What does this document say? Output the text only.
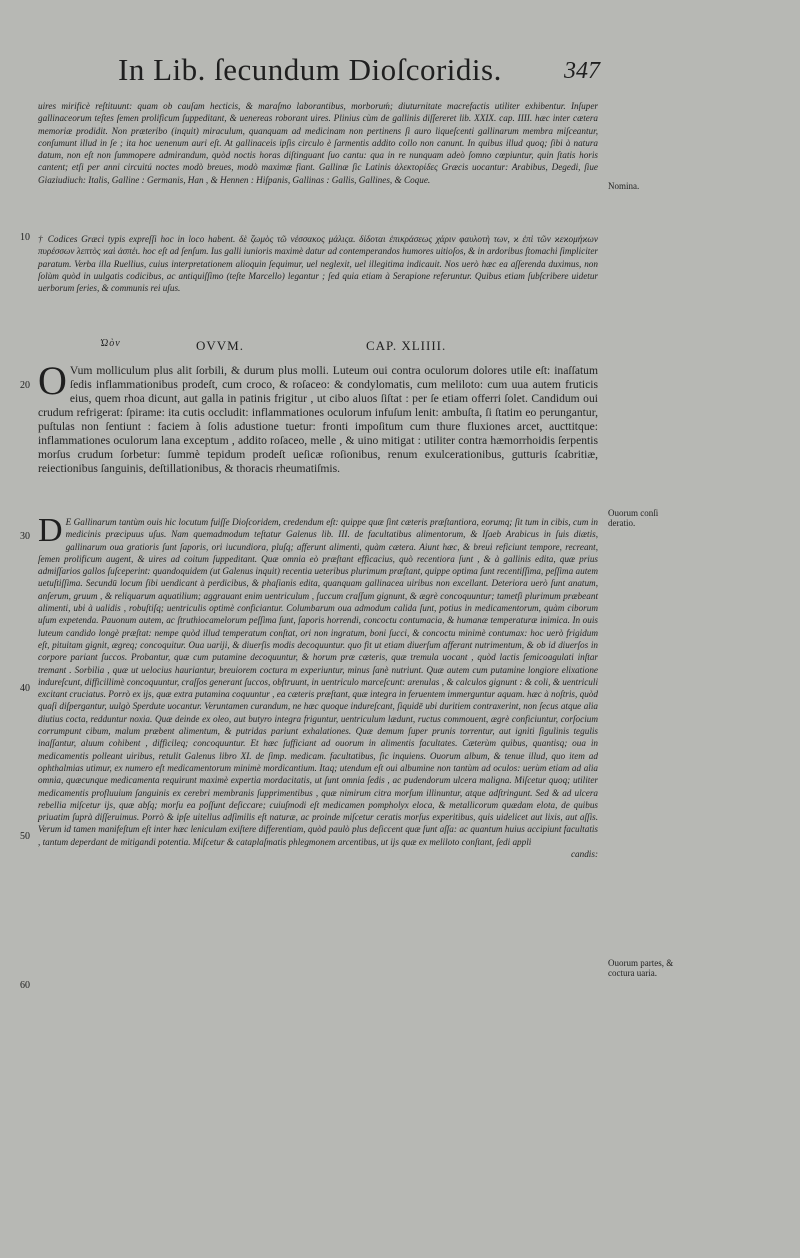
In Lib. ſecundum Dioſcoridis.	347

uires mirificè reſtituunt: quam ob cauſam hecticis, & maraſmo laborantibus, morboruḿ; diuturnitate macrefactis utiliter exhibentur. Inſuper gallinaceorum teſtes ſemen prolificum ſuppeditant, & uenereas roborant uires. Plinius cùm de gallinis diſſereret lib. XXIX. cap. IIII. hæc inter cætera memoriæ prodidit. Non præteribo (inquit) miraculum, quanquam ad medicinam non pertinens ſi auro liqueſcenti gallinarum membra miſceantur, conſumunt illud in ſe ; ita hoc uenenum auri eſt. At gallinaceis ipſis circulo è ſarmentis addito collo non canunt. In quibus illud quoq; ſibi à natura datum, non eſt non ſummopere admirandum, quòd noctis horas diſtinguant ſuo cantu: qua in re nunquam adeò ſomno cœpiuntur, quin ſtatis horis cantent; etſi per anni circuitú noctes modò breues, modò maximæ fiant. Gallinæ ſic Latinis ἀλεκτορίδες Græcis uocantur: Arabibus, Degedi, ſiue Giaziudiuch: Italis, Galline : Germanis, Han , & Hennen : Hiſpanis, Gallinas : Gallis, Gallines, & Coque.

Nomina.

† Codices Græci typis expreſſi hoc in loco habent. δὲ ζωμὸς τῶ νέσσακος μάλιςα. δίδοται ἐπικράσεως χάριν φαυλοτὴ των, ϰ ἐπὶ τῶν ϰεϰομήϰων πυρέσσων λεπτὸς ϰαὶ ἀσπέι. hoc eſt ad ſenſum. Ius galli iunioris maximè datur ad contemperandos humores uitioſos, & in ardoribus ſtomachi ſimpliciter paratum. Verba illa Ruellius, cuius interpretationem alioquin ſequimur, uel neglexit, uel illegitima indicauit. Nos uerò hæc ea aſſerenda duximus, non ſolùm quòd in uulgatis codicibus, ac antiquiſſimo (teſte Marcello) legantur ; ſed quia etiam à Serapione referuntur. Quibus etiam ſubſcribere uidetur uerborum ſeries, & communis rei uſus.

Ὠὸν	OVVM.	CAP. XLIIII.

O Vum molliculum plus alit ſorbili, & durum plus molli. Luteum oui contra oculorum dolores utile eſt: inaſſatum ſedis inflammationibus prodeſt, cum croco, & roſaceo: & condylomatis, cum meliloto: cum uua autem fruticis eius, quem rhoa dicunt, aut galla in patinis frigitur , ut cibo aluos ſiſtat : per ſe etiam offerri ſolet. Candidum oui crudum refrigerat: ſpirame: ita cutis occludit: inflammationes oculorum infuſum lenit: ambuſta, ſi ſtatim eo perungantur, puſtulas non ſentiunt : faciem à ſolis adustione tuetur: fronti impoſitum cum thure fluxiones arcet, aucttitque: inflammationes oculorum lana exceptum , addito roſaceo, melle , & uino mitigat : utiliter contra hæmorrhoidis ſerpentis morſus crudum ſorbetur: ſummè tepidum prodeſt ueſicæ roſionibus, renum exulcerationibus, gutturis ſcabritiæ, reiectionibus ſanguinis, deſtillationibus, & thoracis rheumatiſmis.

D E Gallinarum tantùm ouis hic locutum fuiſſe Dioſcoridem, credendum eſt: quippe quæ ſint cæteris præſtantiora, eorumq; ſit tum in cibis, cum in medicinis præcipuus uſus. Nam quemadmodum teſtatur Galenus lib. III. de facultatibus alimentorum, & Iſaeb Arabicus in ſuis diætis, gallinarum oua gratioris ſunt ſaporis, ori iucundiora, pluſq; afferunt alimenti, quàm cætera. Aiunt hæc, & breui reficiunt tempore, recreant, ſemen prolificum augent, & uires ad coitum ſuppeditant. Quæ omnia eò præſtant efficacius, quò recentiora ſunt , & à gallinis edita, quæ prius admiſſarios gallos ſuſceperint: quandoquidem (ut Galenus inquit) recentia ueteribus plurimum præſtant, quippe optima ſunt recentiſſima, peſſima autem uetuſtiſſima. Secundū locum ſibi uendicant à perdicibus, & phaſianis edita, quanquam gallinacea uiribus non excellant. Deteriora uerò ſunt anatum, anſerum, gruum , & reliquarum aquatilium; aggrauant enim uentriculum , ſuccum craſſum gignunt, & ægrè concoquuntur; tametſi plurimum præbeant alimenti, ubi à ualidis , robuſtiſq; uentriculis optimè conficiantur. Columbarum oua admodum calida ſunt, potius in medicamentorum, quàm ciborum uſum expetenda. Pauonum autem, ac ſtruthiocamelorum peſſima ſunt, ſaporis horrendi, concoctu contumacia, & humanæ temperaturæ inimica. In ouis luteum candido longè præſtat: nempe quòd illud temperatum conſtat, ori non ingratum, boni ſucci, & concoctu minimè contumax: hoc uerò frigidum eſt, pituitam gignit, ægreq; concoquitur. Oua uariji, & diuerſis modis decoquuntur. quo fit ut etiam diuerſum afferant nutrimentum, & ob id diuerſos in corpore pariant ſuccos. Probantur, quæ cum putamine decoquuntur, & horum præ cæteris, quæ tremula uocant , quòd lactis ſemicoagulati inſtar tremant . Sorbilia , quæ ut uelocius hauriantur, breuiorem coctura m experiuntur, minus ſanè nutriunt. Quæ autem cum putamine longiore elixatione indureſcunt, difficillimè concoquuntur, craſſos generant ſuccos, obſtruunt, in uentriculo marceſcunt: arenulas , & calculos gignunt : & coli, & uentriculi excitant cruciatus. Porrò ex ijs, quæ extra putamina coquuntur , ea cæteris præſtant, quæ integra in feruentem immerguntur aquam. hæc à noſtris, quòd quaſi diſpergantur, uulgò Sperdute uocantur. Veruntamen curandum, ne hæc quoque indureſcant, ſiquidē ubi duritiem contraxerint, non ſecus atque alia diutius cocta, redduntur noxia. Quæ deinde ex oleo, aut butyro integra friguntur, uentriculum lædunt, ructus commouent, ægrè conficiuntur, corſocium corrumpunt cibum, malum præbent alimentum, & putridas pariunt exhalationes. Quæ demum ſuper prunis torrentur, aut igniti ſigulinis tegulis inaſſantur, aluum cohibent , difficileq; concoquuntur. Et hæc ſufficiant ad ouorum in alimentis facultates. Cæterùm quibus, quantisq; oua in medicamentis polleant uiribus, retulit Galenus libro XI. de ſimp. medicam. facultatibus, ſic inquiens. Ouorum album, & tenue illud, quo item ad ophthalmias utimur, ex numero eſt medicamentorum minimè mordicantium. Itaq; utendum eſt oui albumine non tantùm ad oculos: uerùm etiam ad alia omnia, quæcunque medicamenta requirunt maximè expertia mordacitatis, ut ſunt omnia ſedis , ac pudendorum ulcera maligna. Miſcetur quoq; utiliter medicamentis profluuium ſanguinis ex cerebri membranis ſupprimentibus , quæ nimirum citra morſum illinuntur, atque adſtringunt. Sed & ad ulcera rebellia miſcetur ijs, quæ abſq; morſu ea poſſunt deſiccare; cuiuſmodi eſt medicamen pompholyx eloca, & metallicorum quædam elota, de quibus priuatim ſuprà diſſeruimus. Porrò & ipſe uitellus adſimilis eſt naturæ, ac proinde miſcetur ceratis morſus experitibus, quis uidelicet aut lixis, aut aſſis. Verum id tamen manifeſtum eſt inter hæc leniculam exiſtere differentiam, quòd paulò plus deſiccent quæ ſunt aſſa: ac quantum huius accipiunt facultatis , tantum deperdant de mitigandi potentia. Miſcetur & cataplaſmatis phlegmonem arcentibus, ut ijs quæ ex meliloto conſtant, ſedi appli

candis:
Ouorum conſi deratio.
Ouorum partes, & coctura uaria.
10
20
30
40
50
60
